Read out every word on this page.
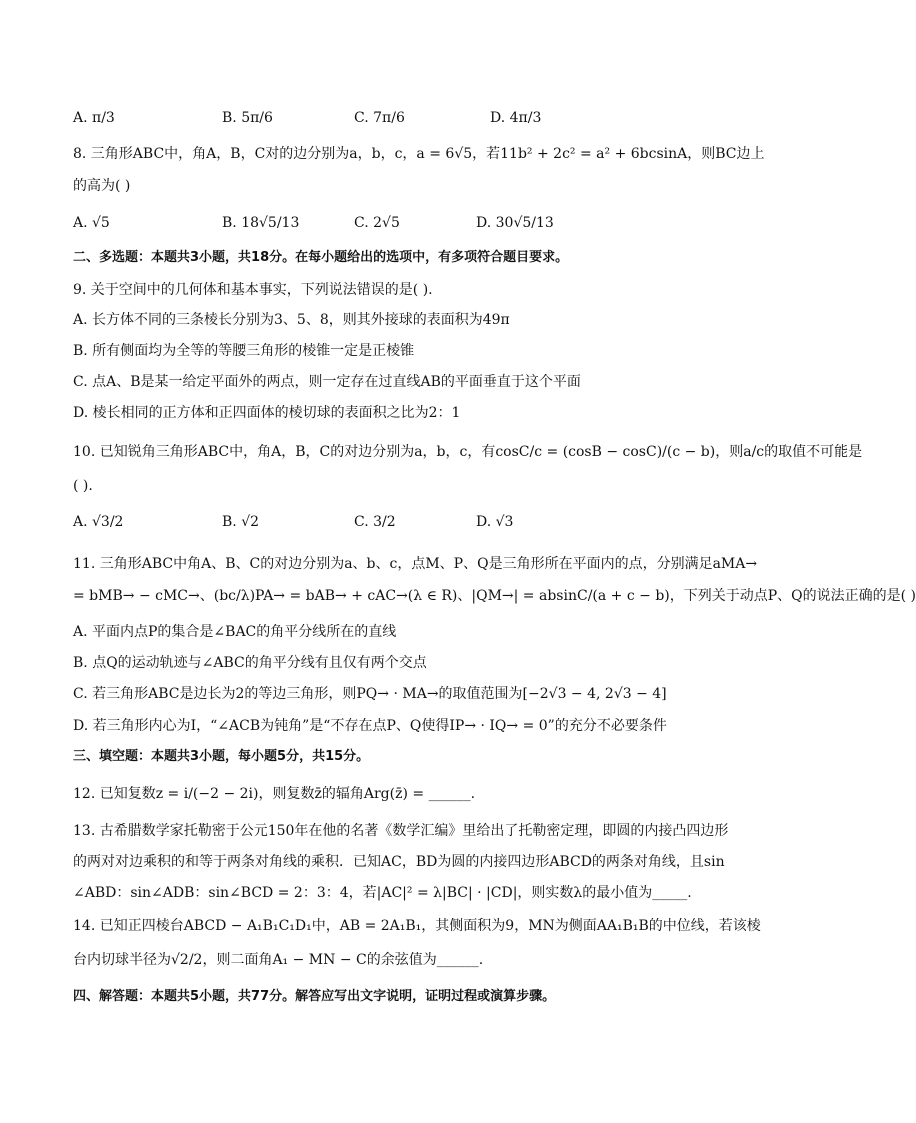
A. π/3	B. 5π/6	C. 7π/6	D. 4π/3
8. 三角形ABC中，角A，B，C对的边分别为a，b，c，a = 6√5，若11b² + 2c² = a² + 6bcsinA，则BC边上
的高为( )
A. √5	B. 18√5/13	C. 2√5	D. 30√5/13
二、多选题：本题共3小题，共18分。在每小题给出的选项中，有多项符合题目要求。
9. 关于空间中的几何体和基本事实，下列说法错误的是( ).
A. 长方体不同的三条棱长分别为3、5、8，则其外接球的表面积为49π
B. 所有侧面均为全等的等腰三角形的棱锥一定是正棱锥
C. 点A、B是某一给定平面外的两点，则一定存在过直线AB的平面垂直于这个平面
D. 棱长相同的正方体和正四面体的棱切球的表面积之比为2：1
10. 已知锐角三角形ABC中，角A，B，C的对边分别为a，b，c，有cosC/c = (cosB − cosC)/(c − b)，则a/c的取值不可能是
( ).
A. √3/2	B. √2	C. 3/2	D. √3
11. 三角形ABC中角A、B、C的对边分别为a、b、c，点M、P、Q是三角形所在平面内的点，分别满足aMA→
= bMB→ − cMC→、(bc/λ)PA→ = bAB→ + cAC→(λ ∈ R)、|QM→| = absinC/(a + c − b)，下列关于动点P、Q的说法正确的是( )
A. 平面内点P的集合是∠BAC的角平分线所在的直线
B. 点Q的运动轨迹与∠ABC的角平分线有且仅有两个交点
C. 若三角形ABC是边长为2的等边三角形，则PQ→ · MA→的取值范围为[−2√3 − 4, 2√3 − 4]
D. 若三角形内心为I，“∠ACB为钝角”是“不存在点P、Q使得IP→ · IQ→ = 0”的充分不必要条件
三、填空题：本题共3小题，每小题5分，共15分。
12. 已知复数z = i/(−2 − 2i)，则复数z̄的辐角Arg(z̄) = ______.
13. 古希腊数学家托勒密于公元150年在他的名著《数学汇编》里给出了托勒密定理，即圆的内接凸四边形
的两对对边乘积的和等于两条对角线的乘积．已知AC，BD为圆的内接四边形ABCD的两条对角线，且sin
∠ABD：sin∠ADB：sin∠BCD = 2：3：4，若|AC|² = λ|BC| · |CD|，则实数λ的最小值为_____.
14. 已知正四棱台ABCD − A₁B₁C₁D₁中，AB = 2A₁B₁，其侧面积为9，MN为侧面AA₁B₁B的中位线，若该棱
台内切球半径为√2/2，则二面角A₁ − MN − C的余弦值为______.
四、解答题：本题共5小题，共77分。解答应写出文字说明，证明过程或演算步骤。
